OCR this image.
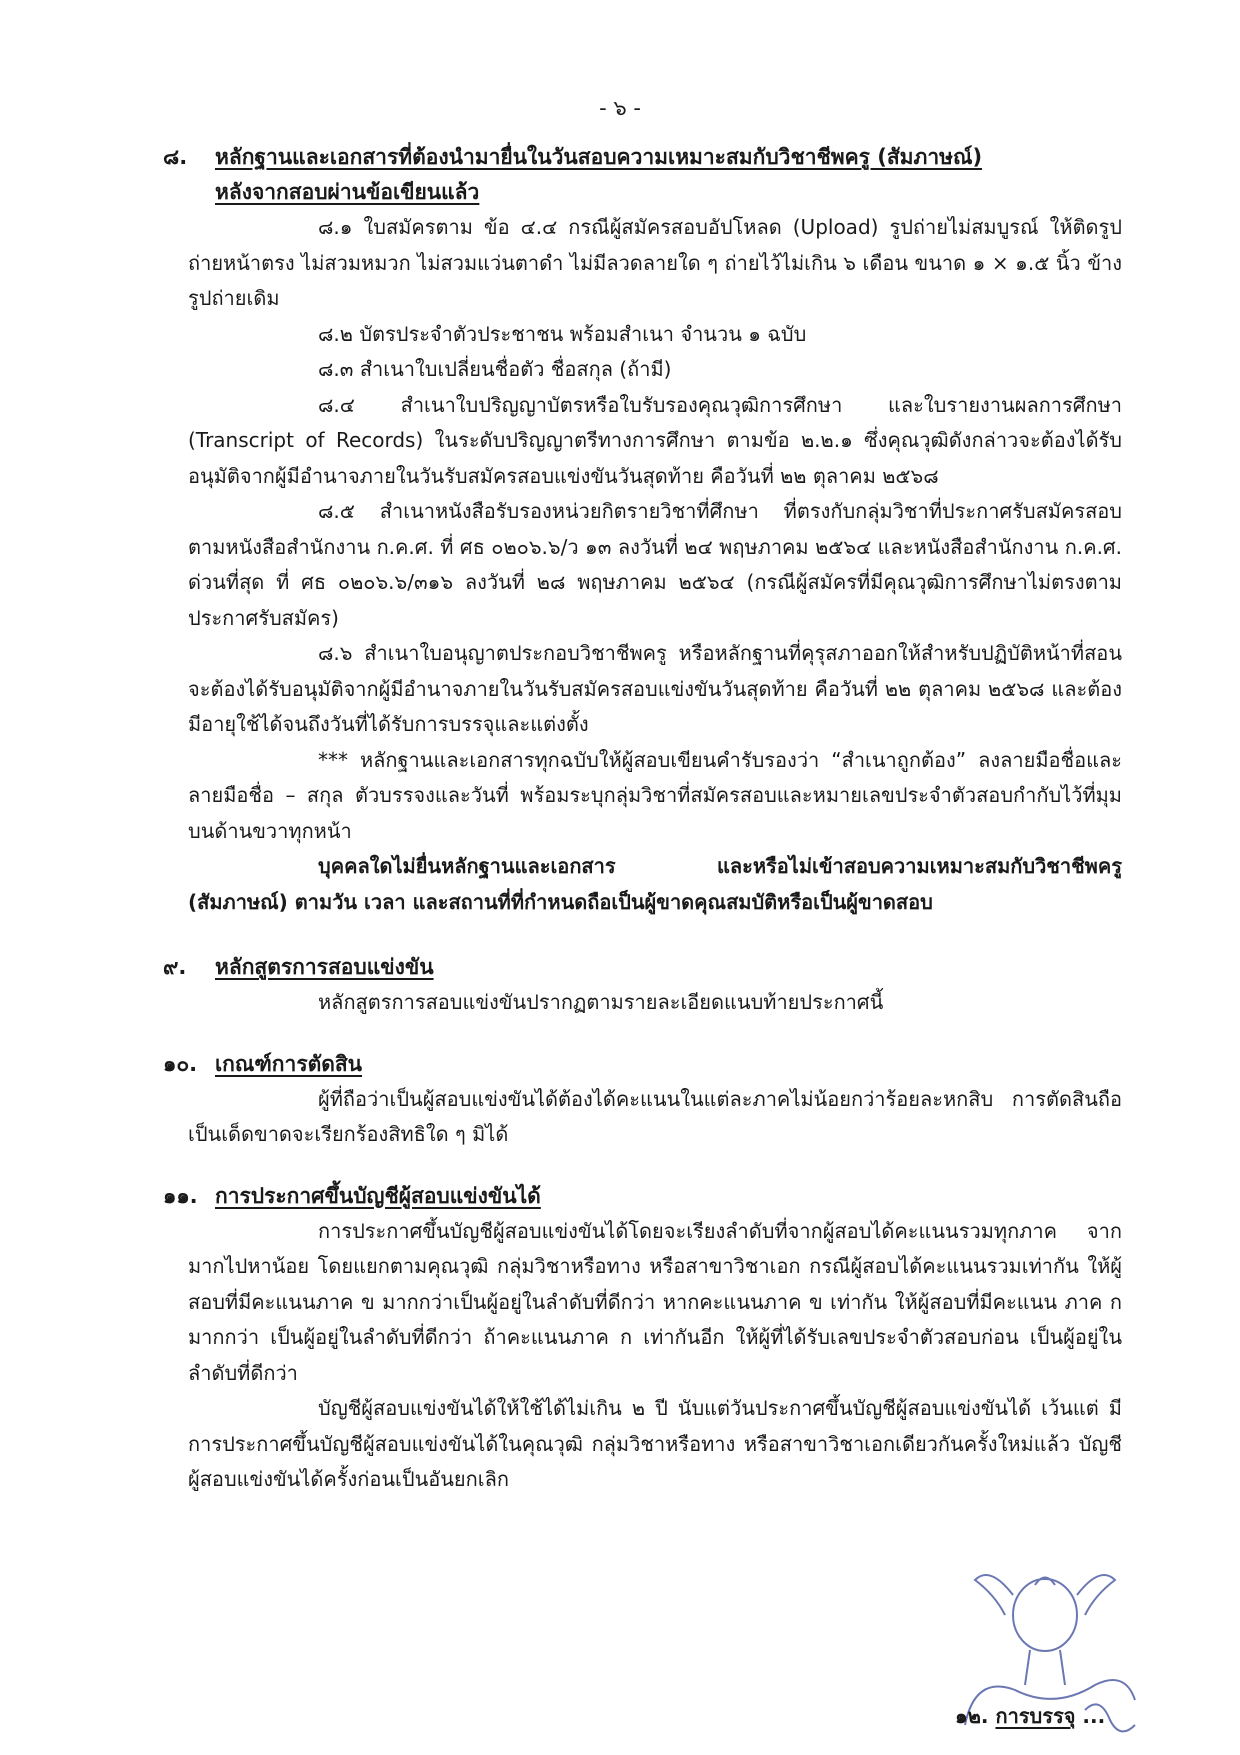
- ๖ -
๘.	หลักฐานและเอกสารที่ต้องนำมายื่นในวันสอบความเหมาะสมกับวิชาชีพครู (สัมภาษณ์)
หลังจากสอบผ่านข้อเขียนแล้ว

๘.๑ ใบสมัครตาม ข้อ ๔.๔ กรณีผู้สมัครสอบอัปโหลด (Upload) รูปถ่ายไม่สมบูรณ์ ให้ติดรูปถ่ายหน้าตรง ไม่สวมหมวก ไม่สวมแว่นตาดำ ไม่มีลวดลายใด ๆ ถ่ายไว้ไม่เกิน ๖ เดือน ขนาด ๑ × ๑.๕ นิ้ว ข้างรูปถ่ายเดิม

๘.๒ บัตรประจำตัวประชาชน พร้อมสำเนา จำนวน ๑ ฉบับ

๘.๓ สำเนาใบเปลี่ยนชื่อตัว ชื่อสกุล (ถ้ามี)

๘.๔ สำเนาใบปริญญาบัตรหรือใบรับรองคุณวุฒิการศึกษา และใบรายงานผลการศึกษา (Transcript of Records) ในระดับปริญญาตรีทางการศึกษา ตามข้อ ๒.๒.๑ ซึ่งคุณวุฒิดังกล่าวจะต้องได้รับอนุมัติจากผู้มีอำนาจภายในวันรับสมัครสอบแข่งขันวันสุดท้าย คือวันที่ ๒๒ ตุลาคม ๒๕๖๘

๘.๕ สำเนาหนังสือรับรองหน่วยกิตรายวิชาที่ศึกษา ที่ตรงกับกลุ่มวิชาที่ประกาศรับสมัครสอบ ตามหนังสือสำนักงาน ก.ค.ศ. ที่ ศธ ๐๒๐๖.๖/ว ๑๓ ลงวันที่ ๒๔ พฤษภาคม ๒๕๖๔ และหนังสือสำนักงาน ก.ค.ศ. ด่วนที่สุด ที่ ศธ ๐๒๐๖.๖/๓๑๖ ลงวันที่ ๒๘ พฤษภาคม ๒๕๖๔ (กรณีผู้สมัครที่มีคุณวุฒิการศึกษาไม่ตรงตามประกาศรับสมัคร)

๘.๖ สำเนาใบอนุญาตประกอบวิชาชีพครู หรือหลักฐานที่คุรุสภาออกให้สำหรับปฏิบัติหน้าที่สอน จะต้องได้รับอนุมัติจากผู้มีอำนาจภายในวันรับสมัครสอบแข่งขันวันสุดท้าย คือวันที่ ๒๒ ตุลาคม ๒๕๖๘ และต้องมีอายุใช้ได้จนถึงวันที่ได้รับการบรรจุและแต่งตั้ง

*** หลักฐานและเอกสารทุกฉบับให้ผู้สอบเขียนคำรับรองว่า “สำเนาถูกต้อง” ลงลายมือชื่อและลายมือชื่อ – สกุล ตัวบรรจงและวันที่ พร้อมระบุกลุ่มวิชาที่สมัครสอบและหมายเลขประจำตัวสอบกำกับไว้ที่มุมบนด้านขวาทุกหน้า

บุคคลใดไม่ยื่นหลักฐานและเอกสาร และหรือไม่เข้าสอบความเหมาะสมกับวิชาชีพครู (สัมภาษณ์) ตามวัน เวลา และสถานที่ที่กำหนดถือเป็นผู้ขาดคุณสมบัติหรือเป็นผู้ขาดสอบ

๙.	หลักสูตรการสอบแข่งขัน

หลักสูตรการสอบแข่งขันปรากฏตามรายละเอียดแนบท้ายประกาศนี้

๑๐. เกณฑ์การตัดสิน

ผู้ที่ถือว่าเป็นผู้สอบแข่งขันได้ต้องได้คะแนนในแต่ละภาคไม่น้อยกว่าร้อยละหกสิบ การตัดสินถือเป็นเด็ดขาดจะเรียกร้องสิทธิใด ๆ มิได้

๑๑. การประกาศขึ้นบัญชีผู้สอบแข่งขันได้

การประกาศขึ้นบัญชีผู้สอบแข่งขันได้โดยจะเรียงลำดับที่จากผู้สอบได้คะแนนรวมทุกภาค จากมากไปหาน้อย โดยแยกตามคุณวุฒิ กลุ่มวิชาหรือทาง หรือสาขาวิชาเอก กรณีผู้สอบได้คะแนนรวมเท่ากัน ให้ผู้สอบที่มีคะแนนภาค ข มากกว่าเป็นผู้อยู่ในลำดับที่ดีกว่า หากคะแนนภาค ข เท่ากัน ให้ผู้สอบที่มีคะแนน ภาค ก มากกว่า เป็นผู้อยู่ในลำดับที่ดีกว่า ถ้าคะแนนภาค ก เท่ากันอีก ให้ผู้ที่ได้รับเลขประจำตัวสอบก่อน เป็นผู้อยู่ในลำดับที่ดีกว่า

บัญชีผู้สอบแข่งขันได้ให้ใช้ได้ไม่เกิน ๒ ปี นับแต่วันประกาศขึ้นบัญชีผู้สอบแข่งขันได้ เว้นแต่ มีการประกาศขึ้นบัญชีผู้สอบแข่งขันได้ในคุณวุฒิ กลุ่มวิชาหรือทาง หรือสาขาวิชาเอกเดียวกันครั้งใหม่แล้ว บัญชีผู้สอบแข่งขันได้ครั้งก่อนเป็นอันยกเลิก

๑๒. การบรรจุ ...
